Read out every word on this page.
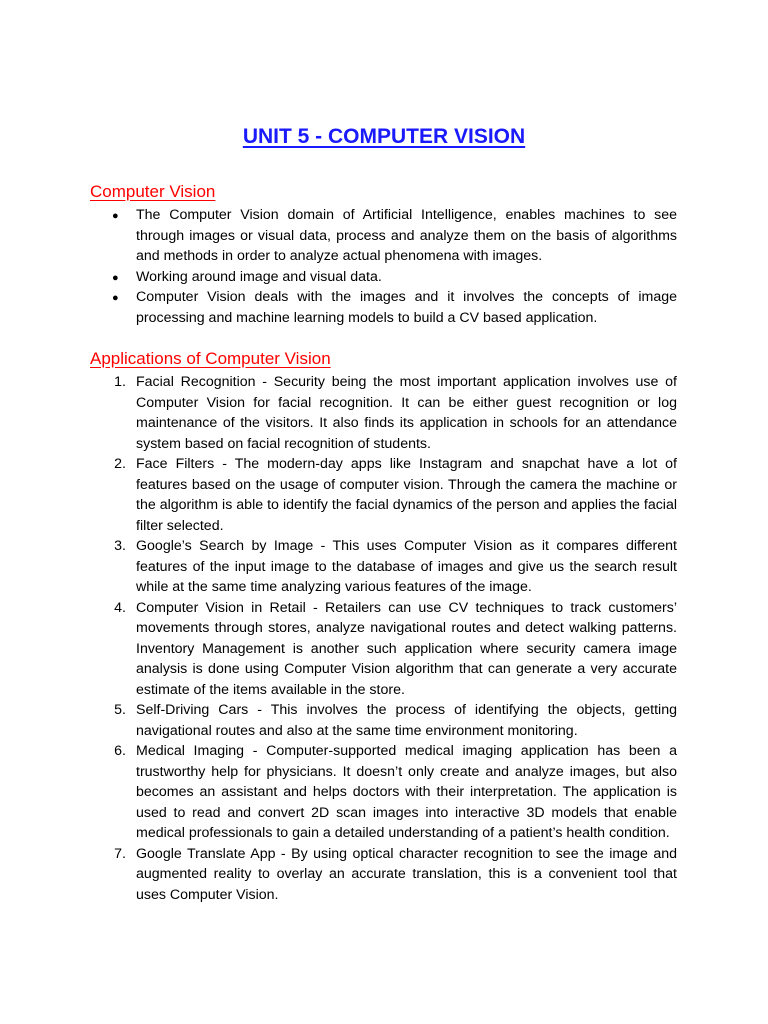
UNIT 5 - COMPUTER VISION
Computer Vision
● The Computer Vision domain of Artificial Intelligence, enables machines to see through images or visual data, process and analyze them on the basis of algorithms and methods in order to analyze actual phenomena with images.
● Working around image and visual data.
● Computer Vision deals with the images and it involves the concepts of image processing and machine learning models to build a CV based application.
Applications of Computer Vision
1. Facial Recognition - Security being the most important application involves use of Computer Vision for facial recognition. It can be either guest recognition or log maintenance of the visitors. It also finds its application in schools for an attendance system based on facial recognition of students.
2. Face Filters - The modern-day apps like Instagram and snapchat have a lot of features based on the usage of computer vision. Through the camera the machine or the algorithm is able to identify the facial dynamics of the person and applies the facial filter selected.
3. Google’s Search by Image - This uses Computer Vision as it compares different features of the input image to the database of images and give us the search result while at the same time analyzing various features of the image.
4. Computer Vision in Retail - Retailers can use CV techniques to track customers’ movements through stores, analyze navigational routes and detect walking patterns. Inventory Management is another such application where security camera image analysis is done using Computer Vision algorithm that can generate a very accurate estimate of the items available in the store.
5. Self-Driving Cars - This involves the process of identifying the objects, getting navigational routes and also at the same time environment monitoring.
6. Medical Imaging - Computer-supported medical imaging application has been a trustworthy help for physicians. It doesn’t only create and analyze images, but also becomes an assistant and helps doctors with their interpretation. The application is used to read and convert 2D scan images into interactive 3D models that enable medical professionals to gain a detailed understanding of a patient’s health condition.
7. Google Translate App - By using optical character recognition to see the image and augmented reality to overlay an accurate translation, this is a convenient tool that uses Computer Vision.
